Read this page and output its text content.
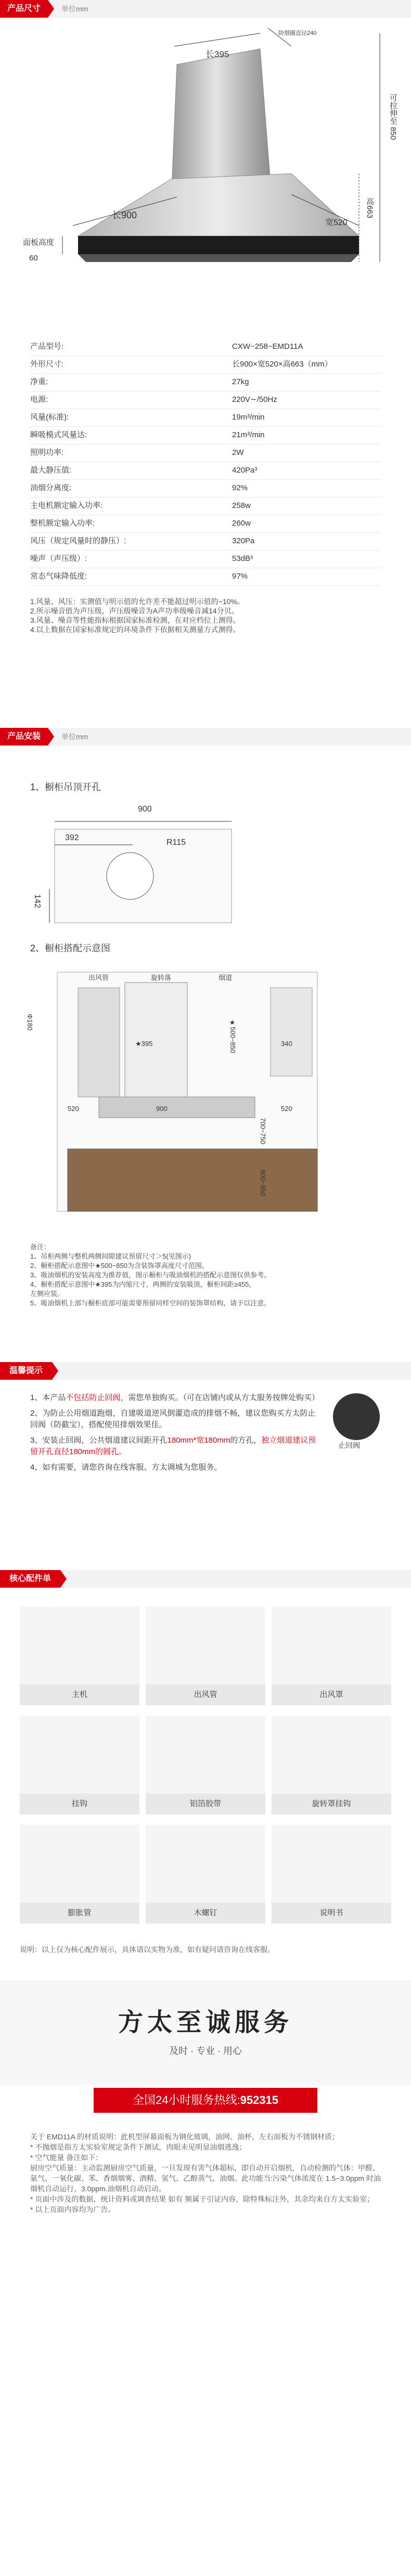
产品尺寸	单位mm
长395
防烟圈直径240
可拉伸至 850
高663
长900
宽520
面板高度
60
产品型号:	CXW−258−EMD11A
外形尺寸:	长900×宽520×高663（mm）
净重:	27kg
电源:	220V∼/50Hz
风量(标准):	19m³/min
瞬吸模式风量达:	21m³/min
照明功率:	2W
最大静压值:	420Pa³
油烟分离度:	92%
主电机额定输入功率:	258w
整机额定输入功率:	260w
风压（规定风量时的静压）:	320Pa
噪声（声压级）:	53dB³
常态气味降低度:	97%
1.风量、风压：实测值与明示值的允许差不能超过明示值的−10%。
2.所示噪音值为声压级，声压级噪音为A声功率级噪音减14分贝。
3.风量、噪音等性能指标根据国家标准检测，在对应档位上测得。
4.以上数据在国家标准规定的环境条件下依据相关测量方式测得。
产品安装	单位mm
1、橱柜吊顶开孔
900
392
R115
142
2、橱柜搭配示意图
出风管	旋转落	烟道
Φ180
★395	★500−850	340
520	900	520
700−750
800−850
备注：
1、吊柜两侧与整机两侧间隙建议预留尺寸＞5(见图示)
2、橱柜搭配示意图中★500−850为含装饰罩高度尺寸范围。
3、吸油烟机的安装高度为推荐值，图示橱柜与吸油烟机的搭配示意图仅供参考。
4、橱柜搭配示意图中★395为内缩尺寸，两侧的安装吸顶，橱柜间距≥455，
左侧应装。
5、吸油烟机上部与橱柜底部可能需要预留同样空间的装饰罩结构，请予以注意。
温馨提示

1、本产品不包括防止回阀，需您单独购买。（可在店铺内或从方太服务按牌处购买）

2、为防止公用烟道跑烟，自建吸道逆风倒灌造成的排烟不畅，建议您购买方太防止回阀（防截宝），搭配使用排烟效果佳。

3、安装止回阀，公共烟道建议间距开孔180mm*宽180mm的方孔，独立烟道建议预留开孔直径180mm的圆孔。

4、如有需要，请您咨询在线客服、方太调城为您服务。

止回阀
核心配件单
主机	出风管	出风罩
挂钩	铝箔胶带	旋转罩挂钩
膨胀管	木螺钉	说明书
说明：以上仅为核心配件展示，具体请以实物为准，如有疑问请咨询在线客服。
方太至诚服务
及时 · 专业 · 用心
全国24小时服务热线:952315
关于 EMD11A 的材质说明：此机型屏幕面板为钢化玻璃，油网、油杯、左右面板为不锈钢材质；
* 不抛烟是指方太实验室规定条件下测试，肉眼未见明显油烟逃逸；
* 空气能量 备注如下：
厨房空气质量：主动监测厨房空气质量，一旦发现有害气体超标，即自动开启烟机，自动检测的气体：甲醛、氨气、一氧化碳、苯、香烟烟雾、酒精、氢气、乙醇蒸气、油烟。此功能当:污染气体浓度在 1.5−3.0ppm 时油烟机自动运行，3.0ppm.油烟机自动启动。
* 页面中涉及的数据，统计资料或调查结果 如有 频属于引证内容，除特殊标注外，其余均来自方太实验室；
* 以上页面内容均为广告。
